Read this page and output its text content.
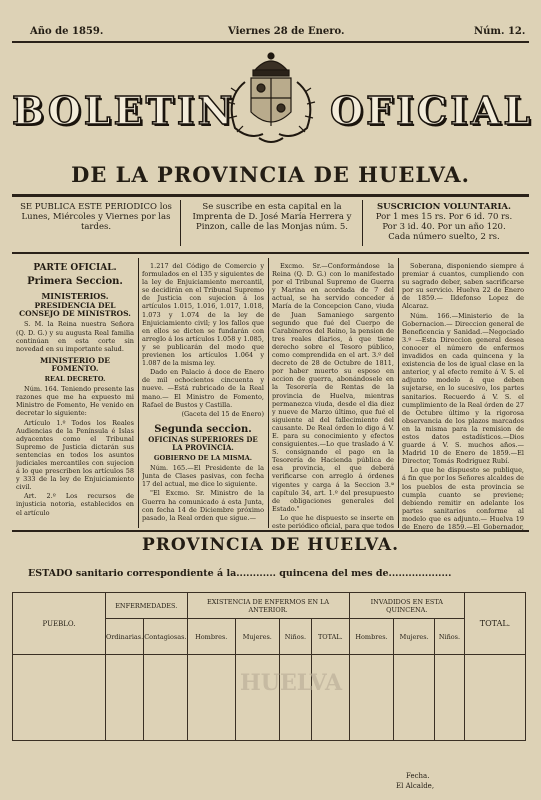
Año de 1859.	Viernes 28 de Enero.	Núm. 12.
BOLETIN OFICIAL
DE LA PROVINCIA DE HUELVA.
SE PUBLICA ESTE PERIODICO los Lunes, Miércoles y Viernes por las tardes.
Se suscribe en esta capital en la Imprenta de D. José María Herrera y Pinzon, calle de las Monjas núm. 5.
SUSCRICION VOLUNTARIA.
Por 1 mes 15 rs. Por 6 id. 70 rs.
Por 3 id. 40. Por un año 120.
Cada número suelto, 2 rs.
PARTE OFICIAL.
Primera Seccion.
MINISTERIOS.
PRESIDENCIA DEL CONSEJO DE MINISTROS.

S. M. la Reina nuestra Señora (Q. D. G.) y su augusta Real familia continúan en esta corte sin novedad en su importante salud.

MINISTERIO DE FOMENTO.
REAL DECRETO.

Núm. 164. Teniendo presente las razones que me ha expuesto mi Ministro de Fomento, He venido en decretar lo siguiente:

Artículo 1.º Todos los Reales Audiencias de la Península é Islas adyacentes como el Tribunal Supremo de Justicia dictarán sus sentencias en todos los asuntos judiciales mercantiles con sujecion á lo que prescriben los artículos 58 y 333 de la ley de Enjuiciamiento civil.

Art. 2.º Los recursos de injusticia notoria, establecidos en el artículo

1.217 del Código de Comercio y formulados en el 135 y siguientes de la ley de Enjuiciamiento mercantil, se decidirán en el Tribunal Supremo de Justicia con sujecion á los artículos 1.015, 1.016, 1.017, 1.018, 1.073 y 1.074 de la ley de Enjuiciamiento civil; y los fallos que en ellos se dicten se fundarán con arreglo á los artículos 1.058 y 1.085, y se publicarán del modo que previenen los artículos 1.064 y 1.087 de la misma ley.

Dado en Palacio á doce de Enero de mil ochocientos cincuenta y nueve. —Está rubricado de la Real mano.— El Ministro de Fomento, Rafael de Bustos y Castilla.

(Gaceta del 15 de Enero)
Segunda seccion.
OFICINAS SUPERIORES DE LA PROVINCIA.
GOBIERNO DE LA MISMA.

Núm. 165.—El Presidente de la Junta de Clases pasivas, con fecha 17 del actual, me dice lo siguiente.

"El Excmo. Sr. Ministro de la Guerra ha comunicado á esta Junta, con fecha 14 de Diciembre próximo pasado, la Real orden que sigue.—

Excmo. Sr.—Conformándose la Reina (Q. D. G.) con lo manifestado por el Tribunal Supremo de Guerra y Marina en acordada de 7 del actual, se ha servido conceder á María de la Concepcion Cano, viuda de Juan Samaniego sargento segundo que fué del Cuerpo de Carabineros del Reino, la pension de tres reales diarios, á que tiene derecho sobre el Tesoro público, como comprendida en el art. 3.º del decreto de 28 de Octubre de 1811, por haber muerto su esposo en accion de guerra, abonándosele en la Tesorería de Rentas de la provincia de Huelva, mientras permanezca viuda, desde el dia diez y nueve de Marzo último, que fué el siguiente al del fallecimiento del causante. De Real órden lo digo á V. E. para su conocimiento y efectos consiguientes.—Lo que traslado á V. S. consignando el pago en la Tesorería de Hacienda pública de esa provincia, el que deberá verificarse con arreglo á órdenes vigentes y carga á la Seccion 3.ª capítulo 34, art. 1.º del presupuesto de obligaciones generales del Estado."

Lo que he dispuesto se inserte en este periódico oficial, para que todos

Soberana, disponiendo siempre á premiar á cuantos, cumpliendo con su sagrado deber, saben sacrificarse por su servicio. Huelva 22 de Enero de 1859.— Ildefonso Lopez de Alcaraz.

Núm. 166.—Ministerio de la Gobernacion.— Direccion general de Beneficencia y Sanidad.—Negociado 3.º —Esta Direccion general desea conocer el número de enfermos invadidos en cada quincena y la existencia de los de igual clase en la anterior, y al efecto remite á V. S. el adjunto modelo á que deben sujetarse, en lo sucesivo, los partes sanitarios. Recuerdo á V. S. el cumplimiento de la Real órden de 27 de Octubre último y la rigorosa observancia de los plazos marcados en la misma para la remision de estos datos estadísticos.—Dios guarde á V. S. muchos años.—Madrid 10 de Enero de 1859.—El Director, Tomás Rodriguez Rubí.

Lo que he dispuesto se publique, á fin que por los Señores alcaldes de los pueblos de esta provincia se cumpla cuanto se previene; debiendo remitir en adelante los partes sanitarios conforme al modelo que es adjunto.— Huelva 19 de Enero de 1859.—El Gobernador,

PROVINCIA DE HUELVA.
ESTADO sanitario correspondiente á la............ quincena del mes de...................
PUEBLO.	ENFERMEDADES.		EXISTENCIA DE ENFERMOS EN LA ANTERIOR.				INVADIDOS EN ESTA QUINCENA.			TOTAL.
	Ordinarias.	Contagiosas.	Hombres.	Mujeres.	Niños.	TOTAL.	Hombres.	Mujeres.	Niños.	

HUELVA
Fecha.
El Alcalde,
